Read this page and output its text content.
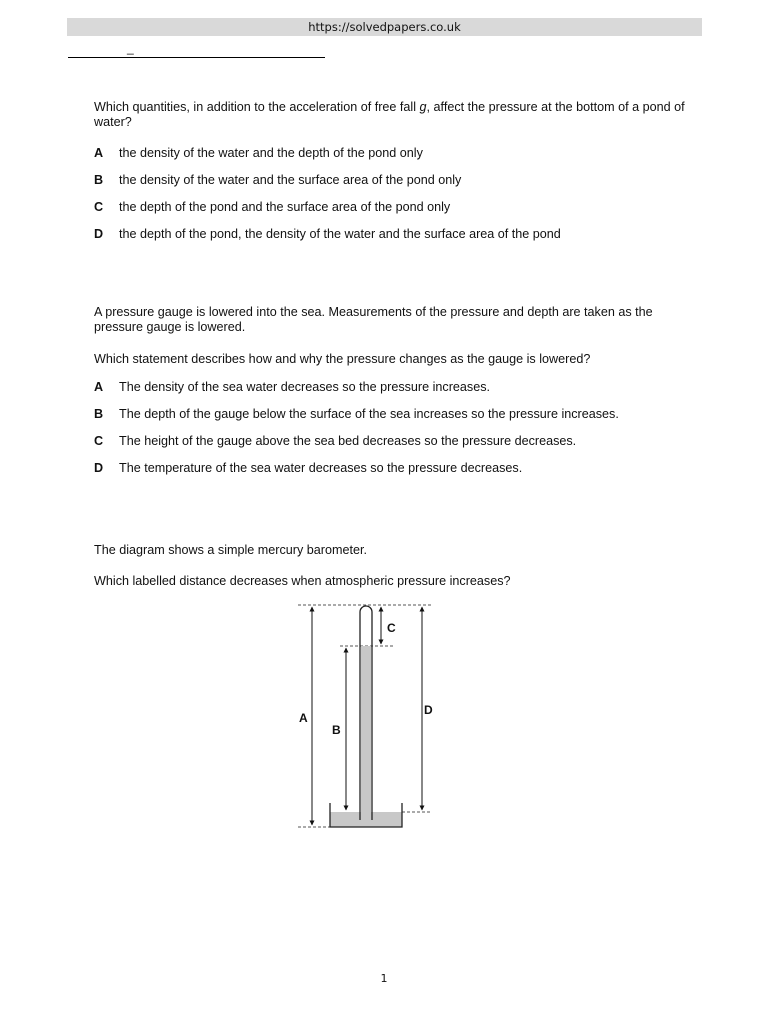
https://solvedpapers.co.uk
_
Which quantities, in addition to the acceleration of free fall g, affect the pressure at the bottom of a pond of water?
A the density of the water and the depth of the pond only
B the density of the water and the surface area of the pond only
C the depth of the pond and the surface area of the pond only
D the depth of the pond, the density of the water and the surface area of the pond
A pressure gauge is lowered into the sea. Measurements of the pressure and depth are taken as the pressure gauge is lowered.
Which statement describes how and why the pressure changes as the gauge is lowered?
A The density of the sea water decreases so the pressure increases.
B The depth of the gauge below the surface of the sea increases so the pressure increases.
C The height of the gauge above the sea bed decreases so the pressure decreases.
D The temperature of the sea water decreases so the pressure decreases.
The diagram shows a simple mercury barometer.
Which labelled distance decreases when atmospheric pressure increases?
A
B
C
D
1
